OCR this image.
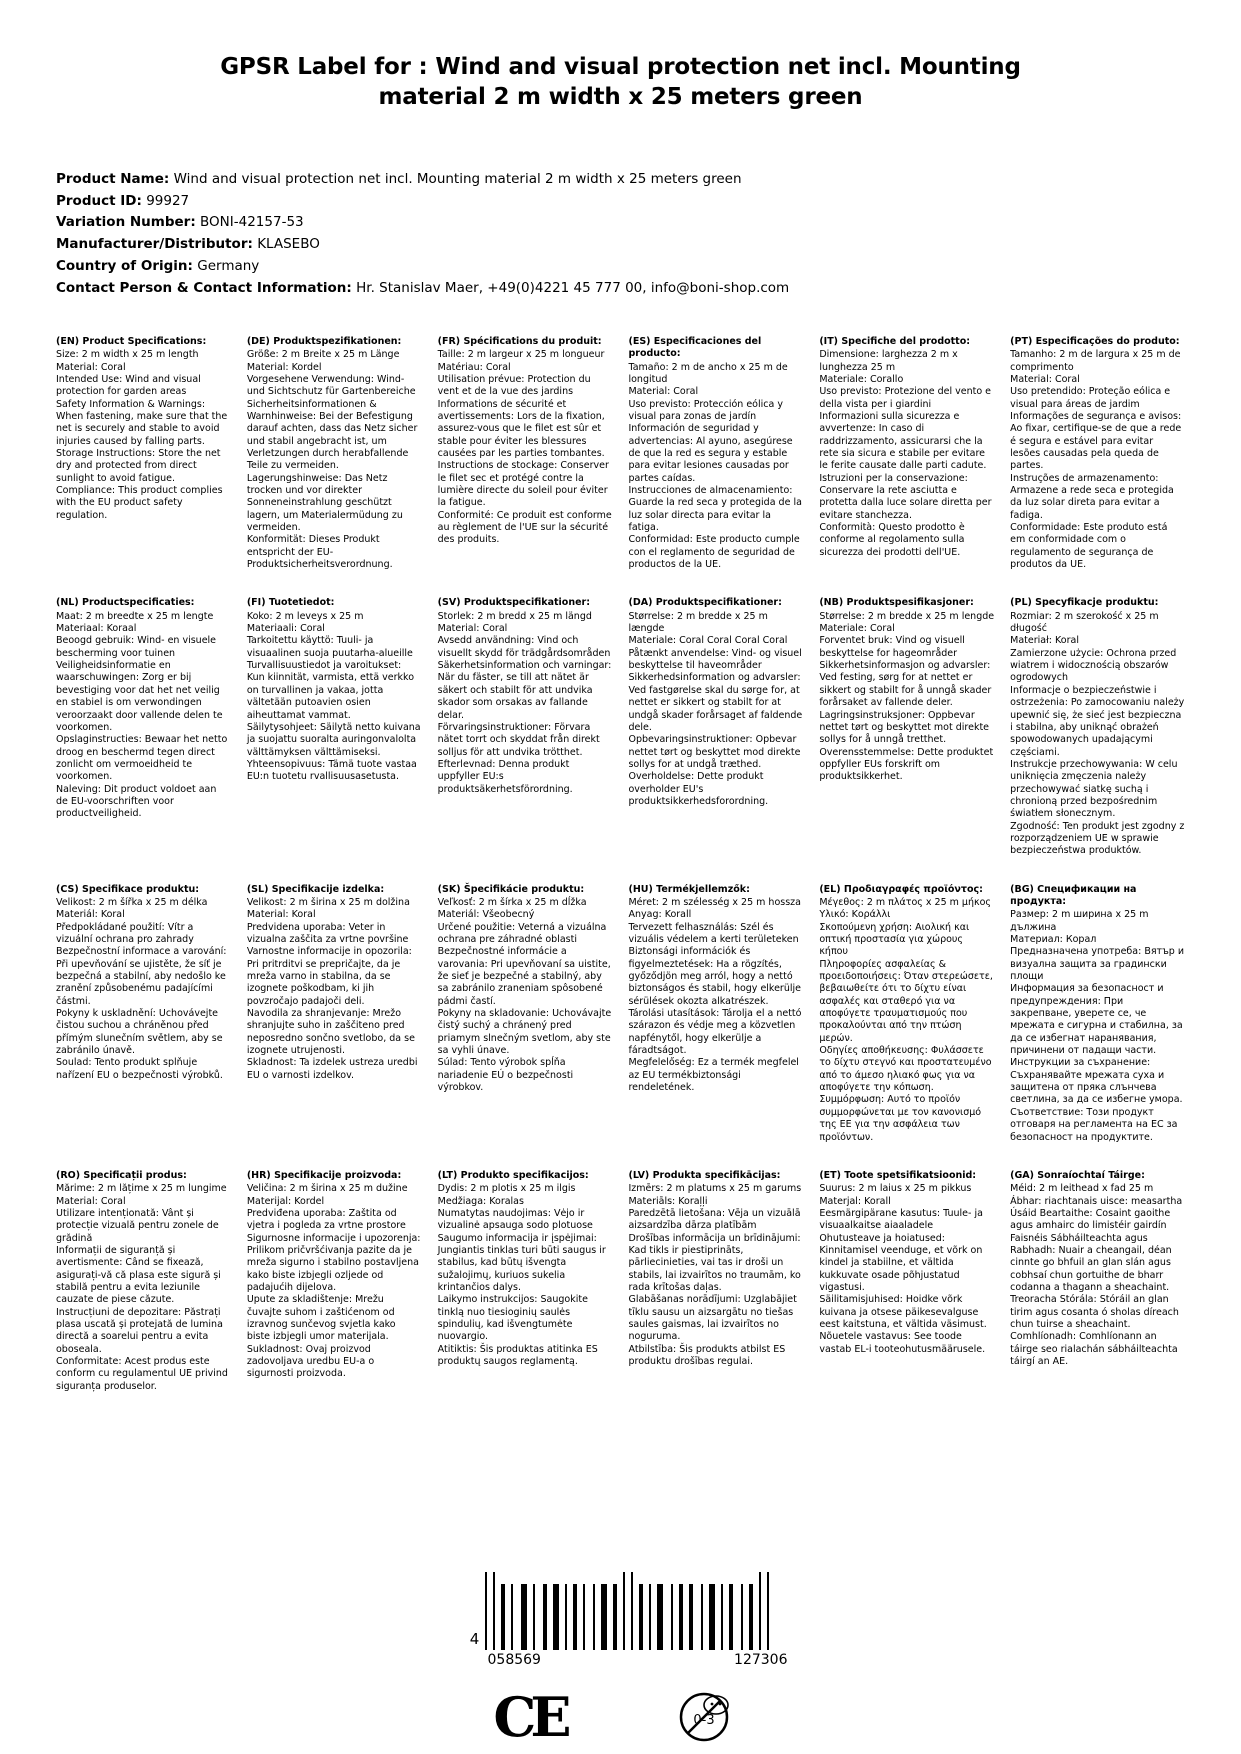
GPSR Label for : Wind and visual protection net incl. Mounting material 2 m width x 25 meters green
Product Name: Wind and visual protection net incl. Mounting material 2 m width x 25 meters green
Product ID: 99927
Variation Number: BONI-42157-53
Manufacturer/Distributor: KLASEBO
Country of Origin: Germany
Contact Person & Contact Information: Hr. Stanislav Maer, +49(0)4221 45 777 00, info@boni-shop.com
(EN) Product Specifications:
Size: 2 m width x 25 m length
Material: Coral
Intended Use: Wind and visual protection for garden areas
Safety Information & Warnings: When fastening, make sure that the net is securely and stable to avoid injuries caused by falling parts.
Storage Instructions: Store the net dry and protected from direct sunlight to avoid fatigue.
Compliance: This product complies with the EU product safety regulation.
(DE) Produktspezifikationen:
Größe: 2 m Breite x 25 m Länge
Material: Kordel
Vorgesehene Verwendung: Wind- und Sichtschutz für Gartenbereiche
Sicherheitsinformationen & Warnhinweise: Bei der Befestigung darauf achten, dass das Netz sicher und stabil angebracht ist, um Verletzungen durch herabfallende Teile zu vermeiden.
Lagerungshinweise: Das Netz trocken und vor direkter Sonneneinstrahlung geschützt lagern, um Materialermüdung zu vermeiden.
Konformität: Dieses Produkt entspricht der EU-Produktsicherheitsverordnung.
(FR) Spécifications du produit:
Taille: 2 m largeur x 25 m longueur
Matériau: Coral
Utilisation prévue: Protection du vent et de la vue des jardins
Informations de sécurité et avertissements: Lors de la fixation, assurez-vous que le filet est sûr et stable pour éviter les blessures causées par les parties tombantes.
Instructions de stockage: Conserver le filet sec et protégé contre la lumière directe du soleil pour éviter la fatigue.
Conformité: Ce produit est conforme au règlement de l'UE sur la sécurité des produits.
(ES) Especificaciones del producto:
Tamaño: 2 m de ancho x 25 m de longitud
Material: Coral
Uso previsto: Protección eólica y visual para zonas de jardín
Información de seguridad y advertencias: Al ayuno, asegúrese de que la red es segura y estable para evitar lesiones causadas por partes caídas.
Instrucciones de almacenamiento: Guarde la red seca y protegida de la luz solar directa para evitar la fatiga.
Conformidad: Este producto cumple con el reglamento de seguridad de productos de la UE.
(IT) Specifiche del prodotto:
Dimensione: larghezza 2 m x lunghezza 25 m
Materiale: Corallo
Uso previsto: Protezione del vento e della vista per i giardini
Informazioni sulla sicurezza e avvertenze: In caso di raddrizzamento, assicurarsi che la rete sia sicura e stabile per evitare le ferite causate dalle parti cadute.
Istruzioni per la conservazione: Conservare la rete asciutta e protetta dalla luce solare diretta per evitare stanchezza.
Conformità: Questo prodotto è conforme al regolamento sulla sicurezza dei prodotti dell'UE.
(PT) Especificações do produto:
Tamanho: 2 m de largura x 25 m de comprimento
Material: Coral
Uso pretendido: Proteção eólica e visual para áreas de jardim
Informações de segurança e avisos: Ao fixar, certifique-se de que a rede é segura e estável para evitar lesões causadas pela queda de partes.
Instruções de armazenamento: Armazene a rede seca e protegida da luz solar direta para evitar a fadiga.
Conformidade: Este produto está em conformidade com o regulamento de segurança de produtos da UE.
(NL) Productspecificaties:
Maat: 2 m breedte x 25 m lengte
Materiaal: Koraal
Beoogd gebruik: Wind- en visuele bescherming voor tuinen
Veiligheidsinformatie en waarschuwingen: Zorg er bij bevestiging voor dat het net veilig en stabiel is om verwondingen veroorzaakt door vallende delen te voorkomen.
Opslaginstructies: Bewaar het netto droog en beschermd tegen direct zonlicht om vermoeidheid te voorkomen.
Naleving: Dit product voldoet aan de EU-voorschriften voor productveiligheid.
(FI) Tuotetiedot:
Koko: 2 m leveys x 25 m
Materiaali: Coral
Tarkoitettu käyttö: Tuuli- ja visuaalinen suoja puutarha-alueille
Turvallisuustiedot ja varoitukset: Kun kiinnität, varmista, että verkko on turvallinen ja vakaa, jotta vältetään putoavien osien aiheuttamat vammat.
Säilytysohjeet: Säilytä netto kuivana ja suojattu suoralta auringonvalolta välttämyksen välttämiseksi.
Yhteensopivuus: Tämä tuote vastaa EU:n tuotetu rvallisuusasetusta.
(SV) Produktspecifikationer:
Storlek: 2 m bredd x 25 m längd
Material: Coral
Avsedd användning: Vind och visuellt skydd för trädgårdsområden
Säkerhetsinformation och varningar: När du fäster, se till att nätet är säkert och stabilt för att undvika skador som orsakas av fallande delar.
Förvaringsinstruktioner: Förvara nätet torrt och skyddat från direkt solljus för att undvika trötthet.
Efterlevnad: Denna produkt uppfyller EU:s produktsäkerhetsförordning.
(DA) Produktspecifikationer:
Størrelse: 2 m bredde x 25 m længde
Materiale: Coral Coral Coral Coral
Påtænkt anvendelse: Vind- og visuel beskyttelse til haveområder
Sikkerhedsinformation og advarsler: Ved fastgørelse skal du sørge for, at nettet er sikkert og stabilt for at undgå skader forårsaget af faldende dele.
Opbevaringsinstruktioner: Opbevar nettet tørt og beskyttet mod direkte sollys for at undgå træthed.
Overholdelse: Dette produkt overholder EU's produktsikkerhedsforordning.
(NB) Produktspesifikasjoner:
Størrelse: 2 m bredde x 25 m lengde
Materiale: Coral
Forventet bruk: Vind og visuell beskyttelse for hageområder
Sikkerhetsinformasjon og advarsler: Ved festing, sørg for at nettet er sikkert og stabilt for å unngå skader forårsaket av fallende deler.
Lagringsinstruksjoner: Oppbevar nettet tørt og beskyttet mot direkte sollys for å unngå tretthet.
Overensstemmelse: Dette produktet oppfyller EUs forskrift om produktsikkerhet.
(PL) Specyfikacje produktu:
Rozmiar: 2 m szerokość x 25 m długość
Materiał: Koral
Zamierzone użycie: Ochrona przed wiatrem i widocznością obszarów ogrodowych
Informacje o bezpieczeństwie i ostrzeżenia: Po zamocowaniu należy upewnić się, że sieć jest bezpieczna i stabilna, aby uniknąć obrażeń spowodowanych upadającymi częściami.
Instrukcje przechowywania: W celu uniknięcia zmęczenia należy przechowywać siatkę suchą i chronioną przed bezpośrednim światłem słonecznym.
Zgodność: Ten produkt jest zgodny z rozporządzeniem UE w sprawie bezpieczeństwa produktów.
(CS) Specifikace produktu:
Velikost: 2 m šířka x 25 m délka
Materiál: Koral
Předpokládané použití: Vítr a vizuální ochrana pro zahrady
Bezpečnostní informace a varování: Při upevňování se ujistěte, že síť je bezpečná a stabilní, aby nedošlo ke zranění způsobenému padajícími částmi.
Pokyny k uskladnění: Uchovávejte čistou suchou a chráněnou před přímým slunečním světlem, aby se zabránilo únavě.
Soulad: Tento produkt splňuje nařízení EU o bezpečnosti výrobků.
(SL) Specifikacije izdelka:
Velikost: 2 m širina x 25 m dolžina
Material: Koral
Predvidena uporaba: Veter in vizualna zaščita za vrtne površine
Varnostne informacije in opozorila: Pri pritrditvi se prepričajte, da je mreža varno in stabilna, da se izognete poškodbam, ki jih povzročajo padajoči deli.
Navodila za shranjevanje: Mrežo shranjujte suho in zaščiteno pred neposredno sončno svetlobo, da se izognete utrujenosti.
Skladnost: Ta izdelek ustreza uredbi EU o varnosti izdelkov.
(SK) Špecifikácie produktu:
Veľkosť: 2 m šírka x 25 m dĺžka
Materiál: Všeobecný
Určené použitie: Veterná a vizuálna ochrana pre záhradné oblasti
Bezpečnostné informácie a varovania: Pri upevňovaní sa uistite, že sieť je bezpečné a stabilný, aby sa zabránilo zraneniam spôsobené pádmi častí.
Pokyny na skladovanie: Uchovávajte čistý suchý a chránený pred priamym slnečným svetlom, aby ste sa vyhli únave.
Súlad: Tento výrobok spĺňa nariadenie EÚ o bezpečnosti výrobkov.
(HU) Termékjellemzők:
Méret: 2 m szélesség x 25 m hossza
Anyag: Korall
Tervezett felhasználás: Szél és vizuális védelem a kerti területeken
Biztonsági információk és figyelmeztetések: Ha a rögzítés, győződjön meg arról, hogy a nettó biztonságos és stabil, hogy elkerülje sérülések okozta alkatrészek.
Tárolási utasítások: Tárolja el a nettó szárazon és védje meg a közvetlen napfénytől, hogy elkerülje a fáradtságot.
Megfelelőség: Ez a termék megfelel az EU termékbiztonsági rendeletének.
(EL) Προδιαγραφές προϊόντος:
Μέγεθος: 2 m πλάτος x 25 m μήκος
Υλικό: Κοράλλι
Σκοπούμενη χρήση: Αιολική και οπτική προστασία για χώρους κήπου
Πληροφορίες ασφαλείας & προειδοποιήσεις: Όταν στερεώσετε, βεβαιωθείτε ότι το δίχτυ είναι ασφαλές και σταθερό για να αποφύγετε τραυματισμούς που προκαλούνται από την πτώση μερών.
Οδηγίες αποθήκευσης: Φυλάσσετε το δίχτυ στεγνό και προστατευμένο από το άμεσο ηλιακό φως για να αποφύγετε την κόπωση.
Συμμόρφωση: Αυτό το προϊόν συμμορφώνεται με τον κανονισμό της ΕΕ για την ασφάλεια των προϊόντων.
(BG) Спецификации на продукта:
Размер: 2 m ширина x 25 m дължина
Материал: Корал
Предназначена употреба: Вятър и визуална защита за градински площи
Информация за безопасност и предупреждения: При закрепване, уверете се, че мрежата е сигурна и стабилна, за да се избегнат наранявания, причинени от падащи части.
Инструкции за съхранение: Съхранявайте мрежата суха и защитена от пряка слънчева светлина, за да се избегне умора.
Съответствие: Този продукт отговаря на регламента на ЕС за безопасност на продуктите.
(RO) Specificații produs:
Mărime: 2 m lățime x 25 m lungime
Material: Coral
Utilizare intenționată: Vânt și protecție vizuală pentru zonele de grădină
Informații de siguranță și avertismente: Când se fixează, asigurați-vă că plasa este sigură și stabilă pentru a evita leziunile cauzate de piese căzute.
Instrucțiuni de depozitare: Păstrați plasa uscată și protejată de lumina directă a soarelui pentru a evita oboseala.
Conformitate: Acest produs este conform cu regulamentul UE privind siguranța produselor.
(HR) Specifikacije proizvoda:
Veličina: 2 m širina x 25 m dužine
Materijal: Kordel
Predviđena uporaba: Zaštita od vjetra i pogleda za vrtne prostore
Sigurnosne informacije i upozorenja: Prilikom pričvršćivanja pazite da je mreža sigurno i stabilno postavljena kako biste izbjegli ozljede od padajućih dijelova.
Upute za skladištenje: Mrežu čuvajte suhom i zaštićenom od izravnog sunčevog svjetla kako biste izbjegli umor materijala.
Sukladnost: Ovaj proizvod zadovoljava uredbu EU-a o sigurnosti proizvoda.
(LT) Produkto specifikacijos:
Dydis: 2 m plotis x 25 m ilgis
Medžiaga: Koralas
Numatytas naudojimas: Vėjo ir vizualinė apsauga sodo plotuose
Saugumo informacija ir įspėjimai: Jungiantis tinklas turi būti saugus ir stabilus, kad būtų išvengta sužalojimų, kuriuos sukelia krintančios dalys.
Laikymo instrukcijos: Saugokite tinklą nuo tiesioginių saulės spindulių, kad išvengtumėte nuovargio.
Atitiktis: Šis produktas atitinka ES produktų saugos reglamentą.
(LV) Produkta specifikācijas:
Izmērs: 2 m platums x 25 m garums
Materiāls: Koraļļi
Paredzētā lietošana: Vēja un vizuālā aizsardzība dārza platībām
Drošības informācija un brīdinājumi: Kad tikls ir piestiprināts, pārliecinieties, vai tas ir droši un stabils, lai izvairītos no traumām, ko rada krītošas daļas.
Glabāšanas norādījumi: Uzglabājiet tīklu sausu un aizsargātu no tiešas saules gaismas, lai izvairītos no noguruma.
Atbilstība: Šis produkts atbilst ES produktu drošības regulai.
(ET) Toote spetsifikatsioonid:
Suurus: 2 m laius x 25 m pikkus
Materjal: Korall
Eesmärgipärane kasutus: Tuule- ja visuaalkaitse aiaaladele
Ohutusteave ja hoiatused: Kinnitamisel veenduge, et võrk on kindel ja stabiilne, et vältida kukkuvate osade põhjustatud vigastusi.
Säilitamisjuhised: Hoidke võrk kuivana ja otsese päikesevalguse eest kaitstuna, et vältida väsimust.
Nõuetele vastavus: See toode vastab EL-i tooteohutusmäärusele.
(GA) Sonraíochtaí Táirge:
Méid: 2 m leithead x fad 25 m
Ábhar: riachtanais uisce: measartha
Úsáid Beartaithe: Cosaint gaoithe agus amhairc do limistéir gairdín
Faisnéis Sábháilteachta agus Rabhadh: Nuair a cheangail, déan cinnte go bhfuil an glan slán agus cobhsaí chun gortuithe de bharr codanna a thagann a sheachaint.
Treoracha Stórála: Stóráil an glan tirim agus cosanta ó sholas díreach chun tuirse a sheachaint.
Comhlíonadh: Comhlíonann an táirge seo rialachán sábháilteachta táirgí an AE.
4
058569	127306
CE	0-3
